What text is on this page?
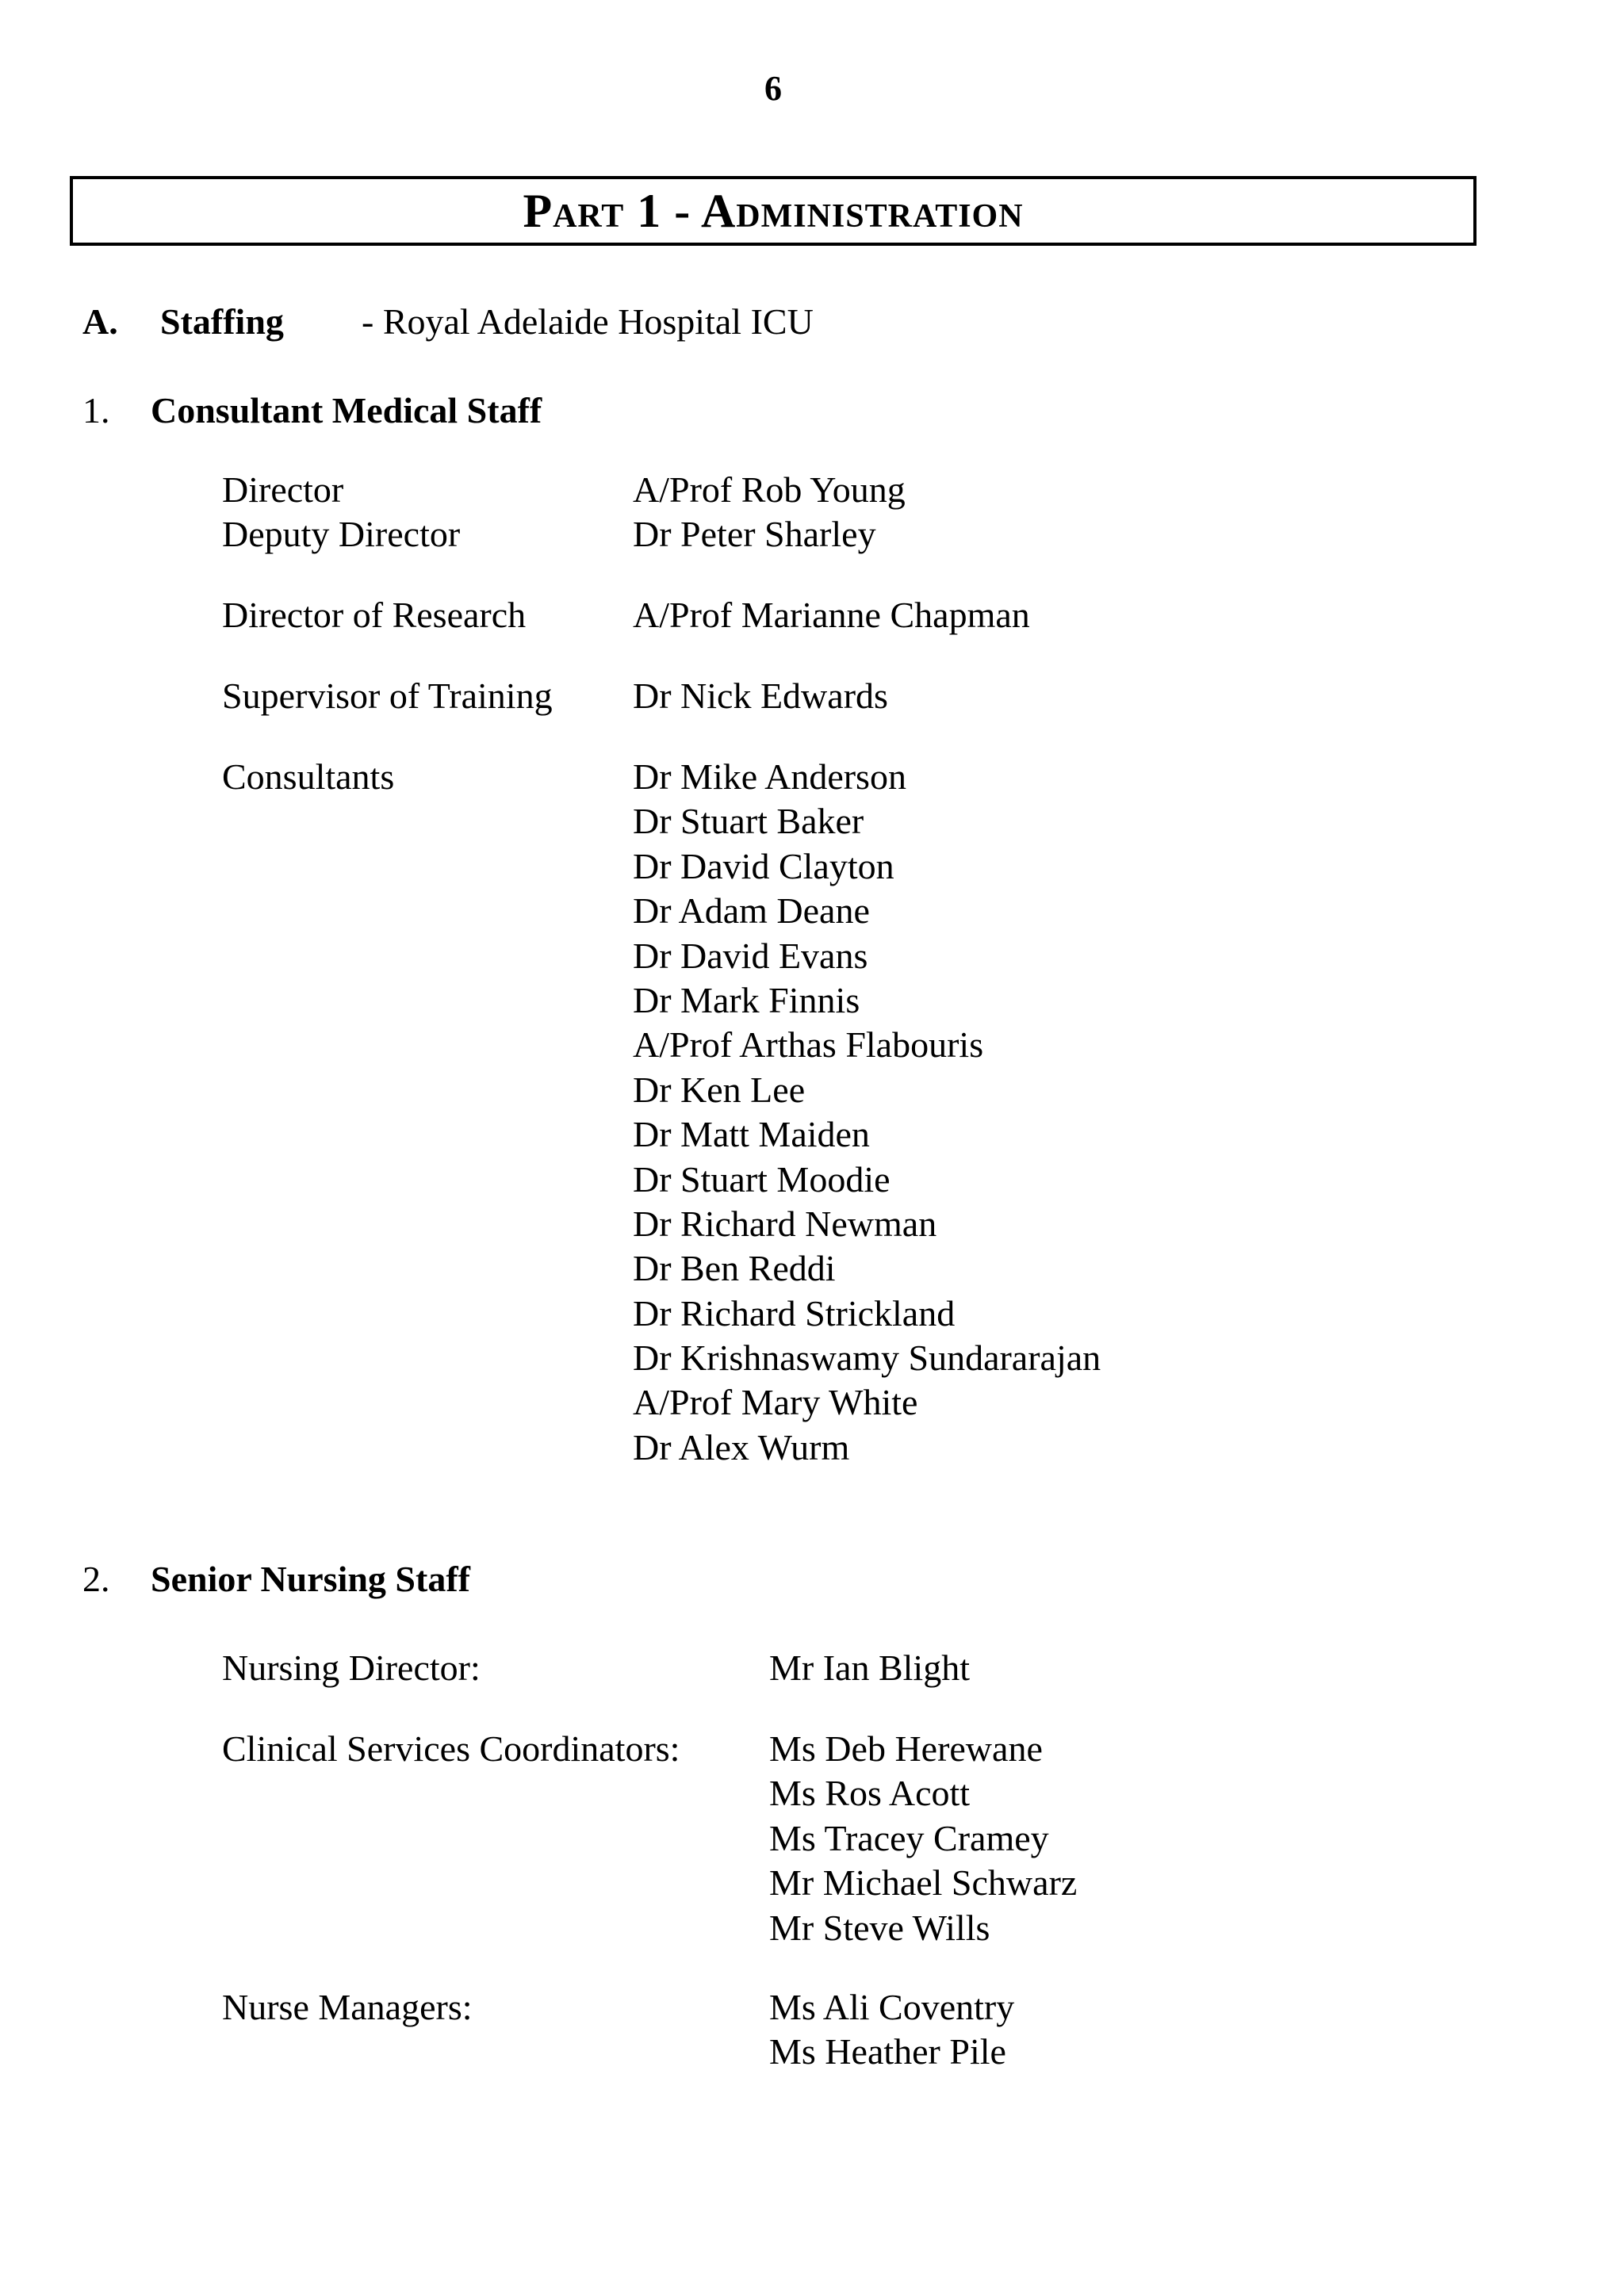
6
Part 1 - Administration
A. Staffing - Royal Adelaide Hospital ICU
1. Consultant Medical Staff
Director	A/Prof Rob Young
Deputy Director	Dr Peter Sharley
Director of Research	A/Prof Marianne Chapman
Supervisor of Training Dr Nick Edwards
Consultants	Dr Mike Anderson
Dr Stuart Baker
Dr David Clayton
Dr Adam Deane
Dr David Evans
Dr Mark Finnis
A/Prof Arthas Flabouris
Dr Ken Lee
Dr Matt Maiden
Dr Stuart Moodie
Dr Richard Newman
Dr Ben Reddi
Dr Richard Strickland
Dr Krishnaswamy Sundararajan
A/Prof Mary White
Dr Alex Wurm
2. Senior Nursing Staff
Nursing Director:	Mr Ian Blight
Clinical Services Coordinators: Ms Deb Herewane
Ms Ros Acott
Ms Tracey Cramey
Mr Michael Schwarz
Mr Steve Wills
Nurse Managers:	Ms Ali Coventry
Ms Heather Pile
